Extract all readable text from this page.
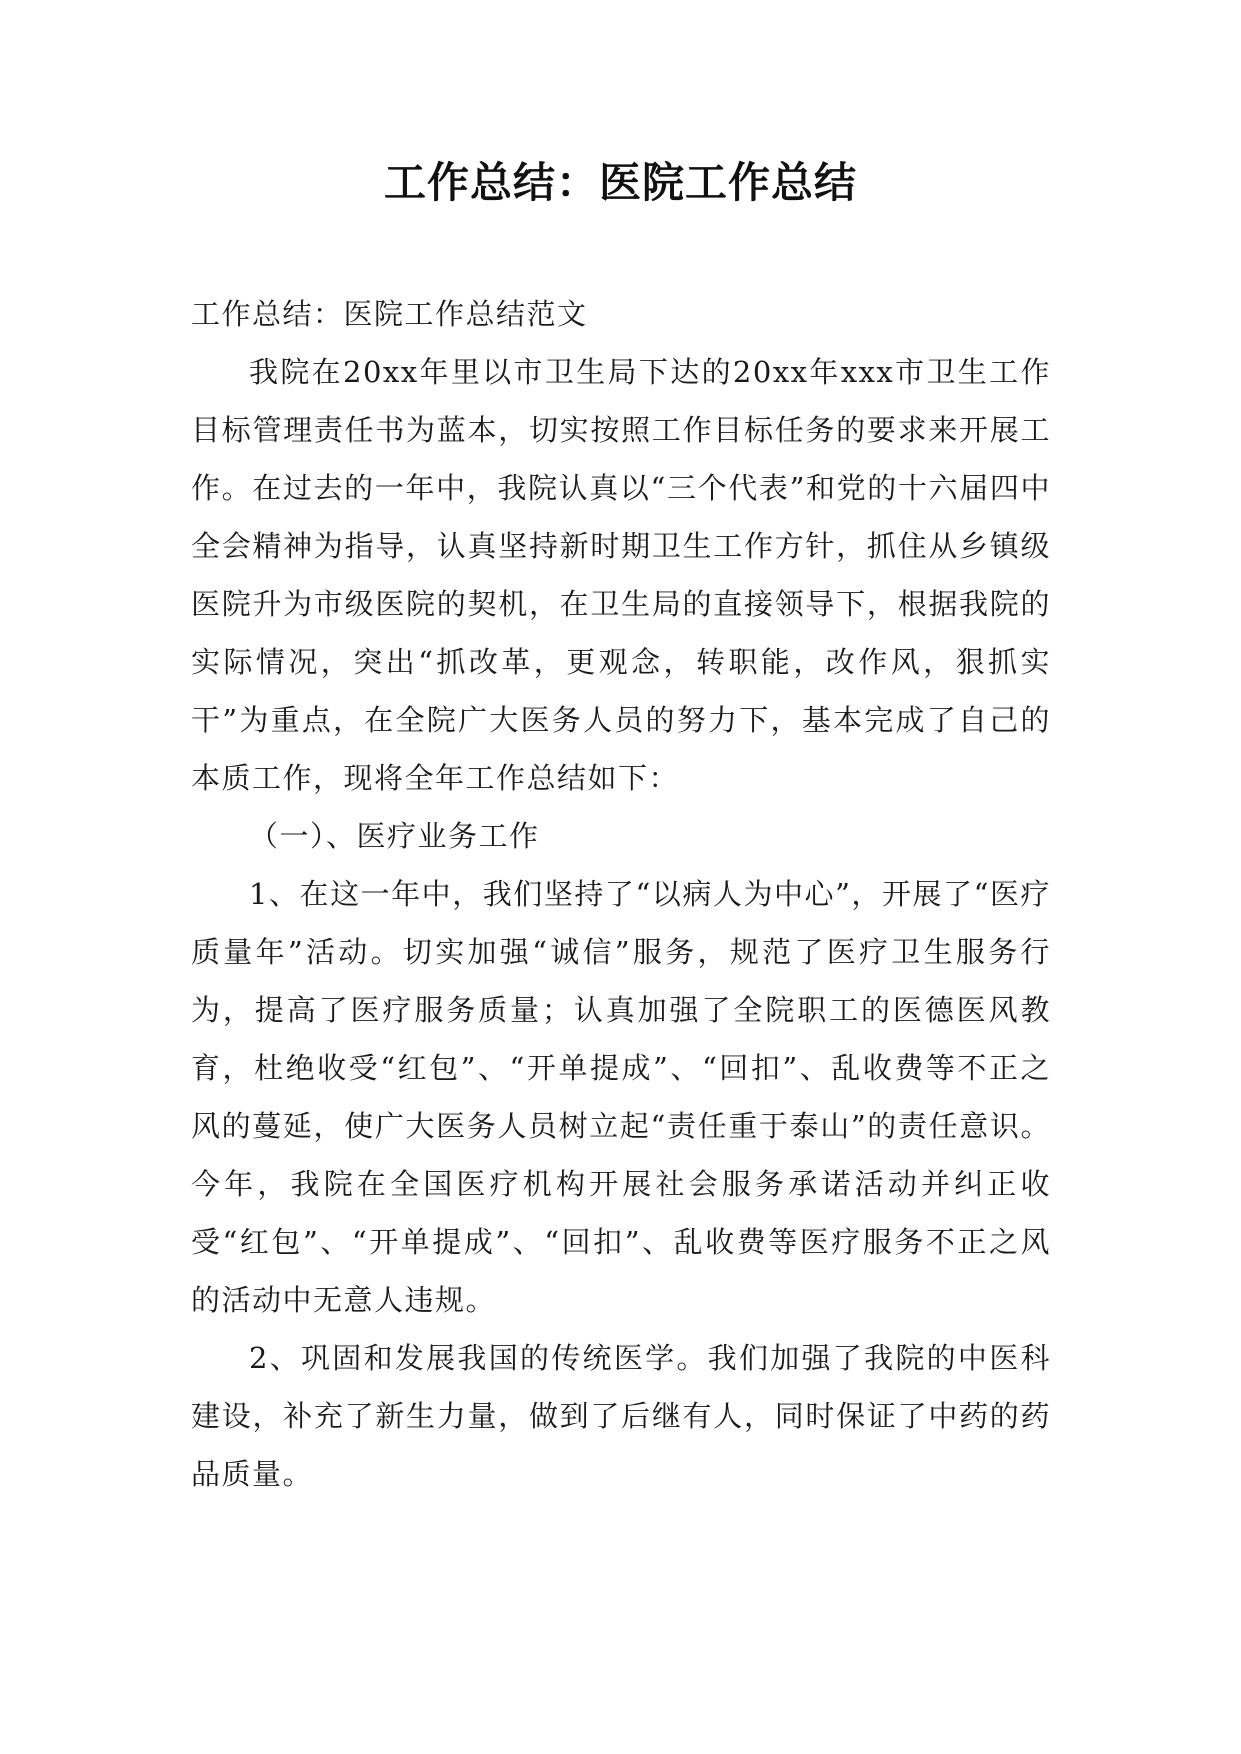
工作总结：医院工作总结

工作总结：医院工作总结范文

我院在20xx年里以市卫生局下达的20xx年xxx市卫生工作目标管理责任书为蓝本，切实按照工作目标任务的要求来开展工作。在过去的一年中，我院认真以“三个代表”和党的十六届四中全会精神为指导，认真坚持新时期卫生工作方针，抓住从乡镇级医院升为市级医院的契机，在卫生局的直接领导下，根据我院的实际情况，突出“抓改革，更观念，转职能，改作风，狠抓实干”为重点，在全院广大医务人员的努力下，基本完成了自己的本质工作，现将全年工作总结如下：

（一）、医疗业务工作

1、在这一年中，我们坚持了“以病人为中心”，开展了“医疗质量年”活动。切实加强“诚信”服务，规范了医疗卫生服务行为，提高了医疗服务质量；认真加强了全院职工的医德医风教育，杜绝收受“红包”、“开单提成”、“回扣”、乱收费等不正之风的蔓延，使广大医务人员树立起“责任重于泰山”的责任意识。今年，我院在全国医疗机构开展社会服务承诺活动并纠正收受“红包”、“开单提成”、“回扣”、乱收费等医疗服务不正之风的活动中无意人违规。

2、巩固和发展我国的传统医学。我们加强了我院的中医科建设，补充了新生力量，做到了后继有人，同时保证了中药的药品质量。
